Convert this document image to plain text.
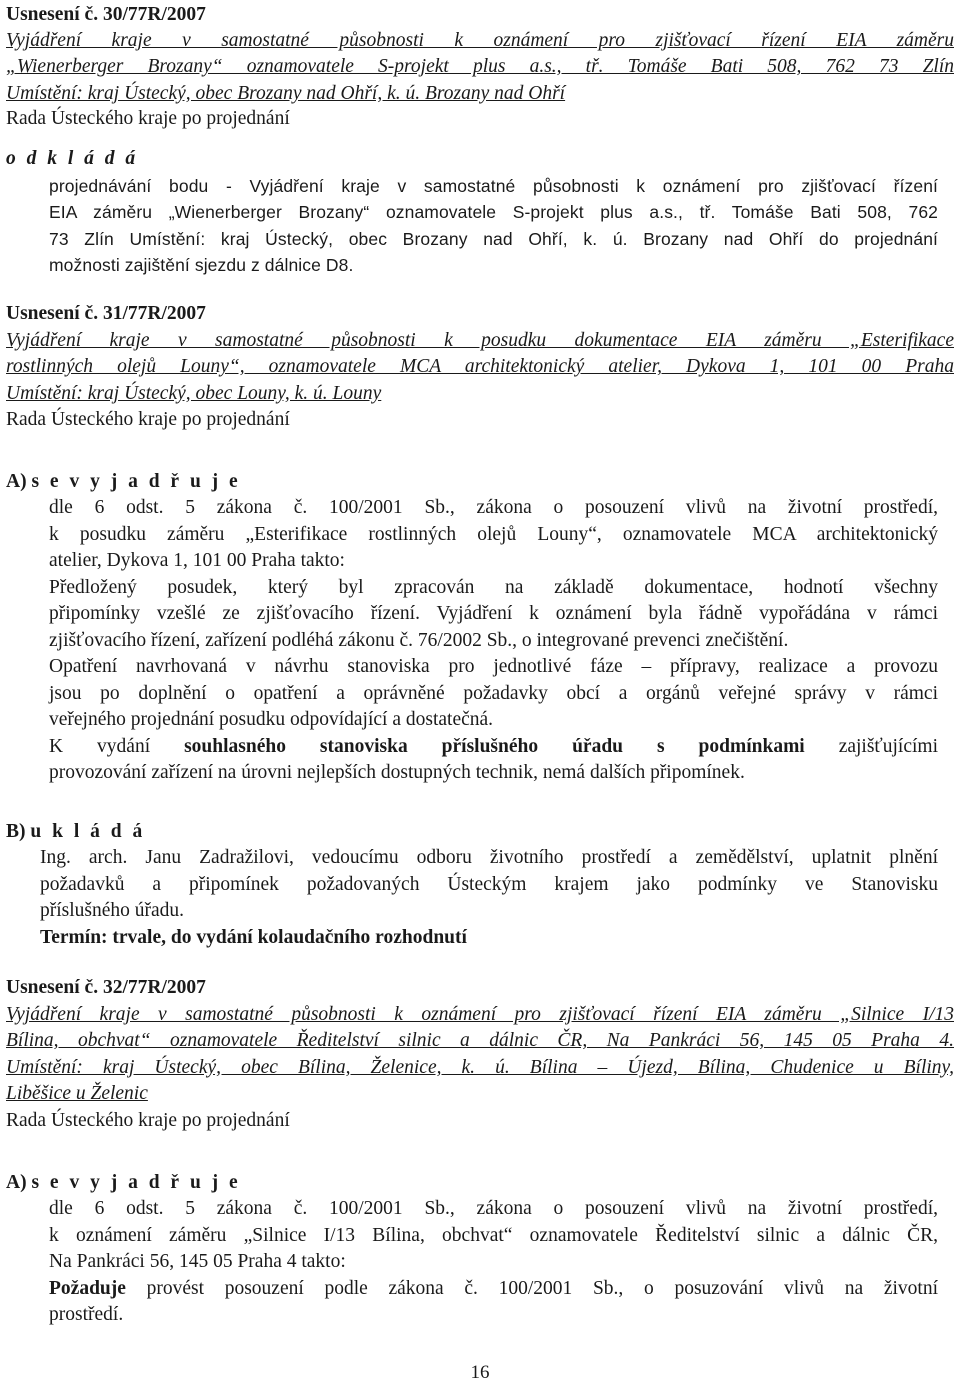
Usnesení č. 30/77R/2007
Vyjádření kraje v samostatné působnosti k oznámení pro zjišťovací řízení EIA záměru
„Wienerberger Brozany“ oznamovatele S-projekt plus a.s., tř. Tomáše Bati 508, 762 73 Zlín
Umístění: kraj Ústecký, obec Brozany nad Ohří, k. ú. Brozany nad Ohří
Rada Ústeckého kraje po projednání
o d k l á d á
projednávání bodu - Vyjádření kraje v samostatné působnosti k oznámení pro zjišťovací řízení
EIA záměru „Wienerberger Brozany“ oznamovatele S-projekt plus a.s., tř. Tomáše Bati 508, 762
73 Zlín Umístění: kraj Ústecký, obec Brozany nad Ohří, k. ú. Brozany nad Ohří do projednání
možnosti zajištění sjezdu z dálnice D8.
Usnesení č. 31/77R/2007
Vyjádření kraje v samostatné působnosti k posudku dokumentace EIA záměru „Esterifikace
rostlinných olejů Louny“, oznamovatele MCA architektonický atelier, Dykova 1, 101 00 Praha
Umístění: kraj Ústecký, obec Louny, k. ú. Louny
Rada Ústeckého kraje po projednání
A) s e v y j a d ř u j e
dle 6 odst. 5 zákona č. 100/2001 Sb., zákona o posouzení vlivů na životní prostředí,
k posudku záměru „Esterifikace rostlinných olejů Louny“, oznamovatele MCA architektonický
atelier, Dykova 1, 101 00 Praha takto:
Předložený posudek, který byl zpracován na základě dokumentace, hodnotí všechny
připomínky vzešlé ze zjišťovacího řízení. Vyjádření k oznámení byla řádně vypořádána v rámci
zjišťovacího řízení, zařízení podléhá zákonu č. 76/2002 Sb., o integrované prevenci znečištění.
Opatření navrhovaná v návrhu stanoviska pro jednotlivé fáze – přípravy, realizace a provozu
jsou po doplnění o opatření a oprávněné požadavky obcí a orgánů veřejné správy v rámci
veřejného projednání posudku odpovídající a dostatečná.
K vydání souhlasného stanoviska příslušného úřadu s podmínkami zajišťujícími
provozování zařízení na úrovni nejlepších dostupných technik, nemá dalších připomínek.
B) u k l á d á
Ing. arch. Janu Zadražilovi, vedoucímu odboru životního prostředí a zemědělství, uplatnit plnění
požadavků a připomínek požadovaných Ústeckým krajem jako podmínky ve Stanovisku
příslušného úřadu.
Termín: trvale, do vydání kolaudačního rozhodnutí
Usnesení č. 32/77R/2007
Vyjádření kraje v samostatné působnosti k oznámení pro zjišťovací řízení EIA záměru „Silnice I/13
Bílina, obchvat“ oznamovatele Ředitelství silnic a dálnic ČR, Na Pankráci 56, 145 05 Praha 4.
Umístění: kraj Ústecký, obec Bílina, Želenice, k. ú. Bílina – Újezd, Bílina, Chudenice u Bíliny,
Liběšice u Želenic
Rada Ústeckého kraje po projednání
A) s e v y j a d ř u j e
dle 6 odst. 5 zákona č. 100/2001 Sb., zákona o posouzení vlivů na životní prostředí,
k oznámení záměru „Silnice I/13 Bílina, obchvat“ oznamovatele Ředitelství silnic a dálnic ČR,
Na Pankráci 56, 145 05 Praha 4 takto:
Požaduje provést posouzení podle zákona č. 100/2001 Sb., o posuzování vlivů na životní
prostředí.
16
